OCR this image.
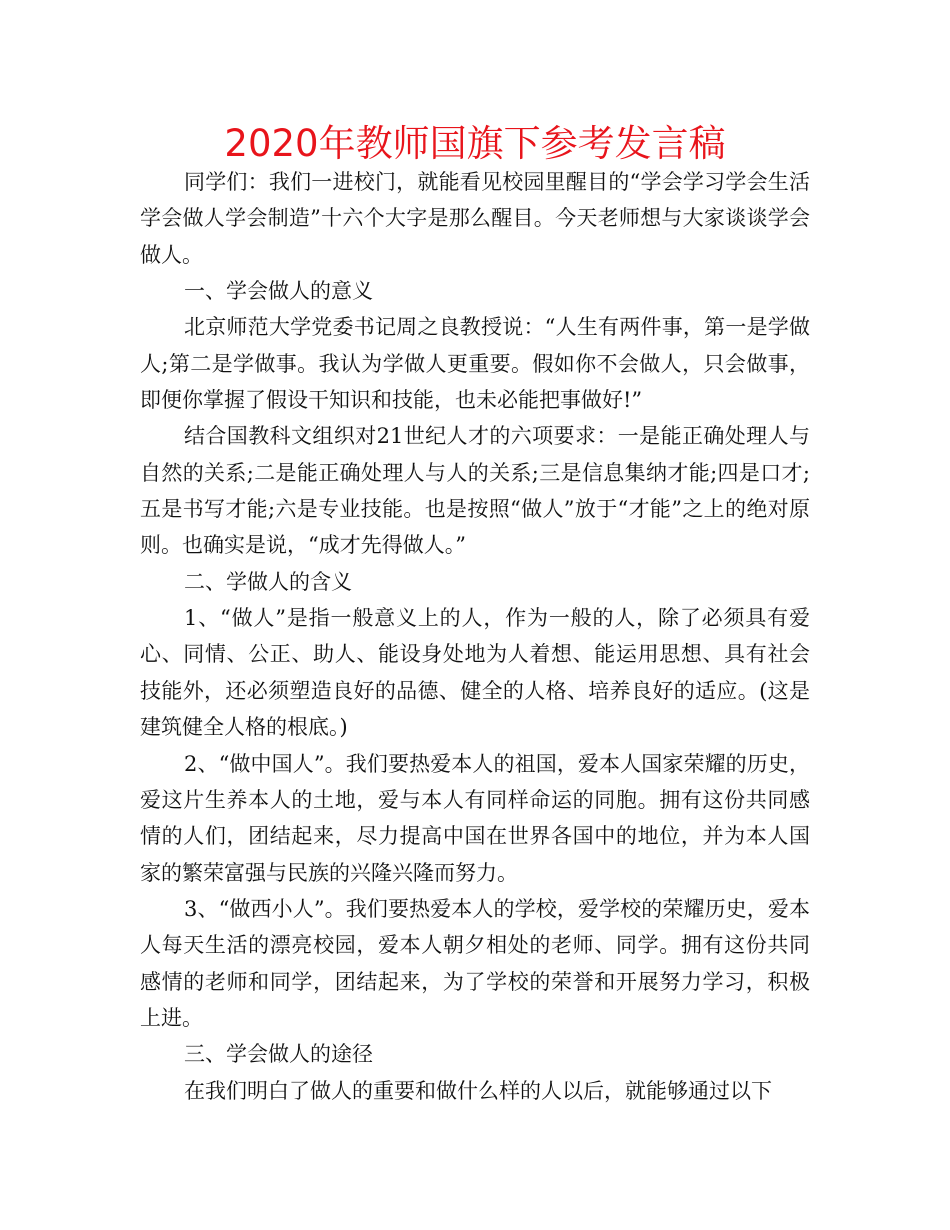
2020年教师国旗下参考发言稿

同学们：我们一进校门，就能看见校园里醒目的“学会学习学会生活学会做人学会制造”十六个大字是那么醒目。今天老师想与大家谈谈学会做人。

一、学会做人的意义

北京师范大学党委书记周之良教授说：“人生有两件事，第一是学做人;第二是学做事。我认为学做人更重要。假如你不会做人，只会做事，即便你掌握了假设干知识和技能，也未必能把事做好!”

结合国教科文组织对21世纪人才的六项要求：一是能正确处理人与自然的关系;二是能正确处理人与人的关系;三是信息集纳才能;四是口才;五是书写才能;六是专业技能。也是按照“做人”放于“才能”之上的绝对原则。也确实是说，“成才先得做人。”

二、学做人的含义

1、“做人”是指一般意义上的人，作为一般的人，除了必须具有爱心、同情、公正、助人、能设身处地为人着想、能运用思想、具有社会技能外，还必须塑造良好的品德、健全的人格、培养良好的适应。(这是建筑健全人格的根底。)

2、“做中国人”。我们要热爱本人的祖国，爱本人国家荣耀的历史，爱这片生养本人的土地，爱与本人有同样命运的同胞。拥有这份共同感情的人们，团结起来，尽力提高中国在世界各国中的地位，并为本人国家的繁荣富强与民族的兴隆兴隆而努力。

3、“做西小人”。我们要热爱本人的学校，爱学校的荣耀历史，爱本人每天生活的漂亮校园，爱本人朝夕相处的老师、同学。拥有这份共同感情的老师和同学，团结起来，为了学校的荣誉和开展努力学习，积极上进。

三、学会做人的途径

在我们明白了做人的重要和做什么样的人以后，就能够通过以下
